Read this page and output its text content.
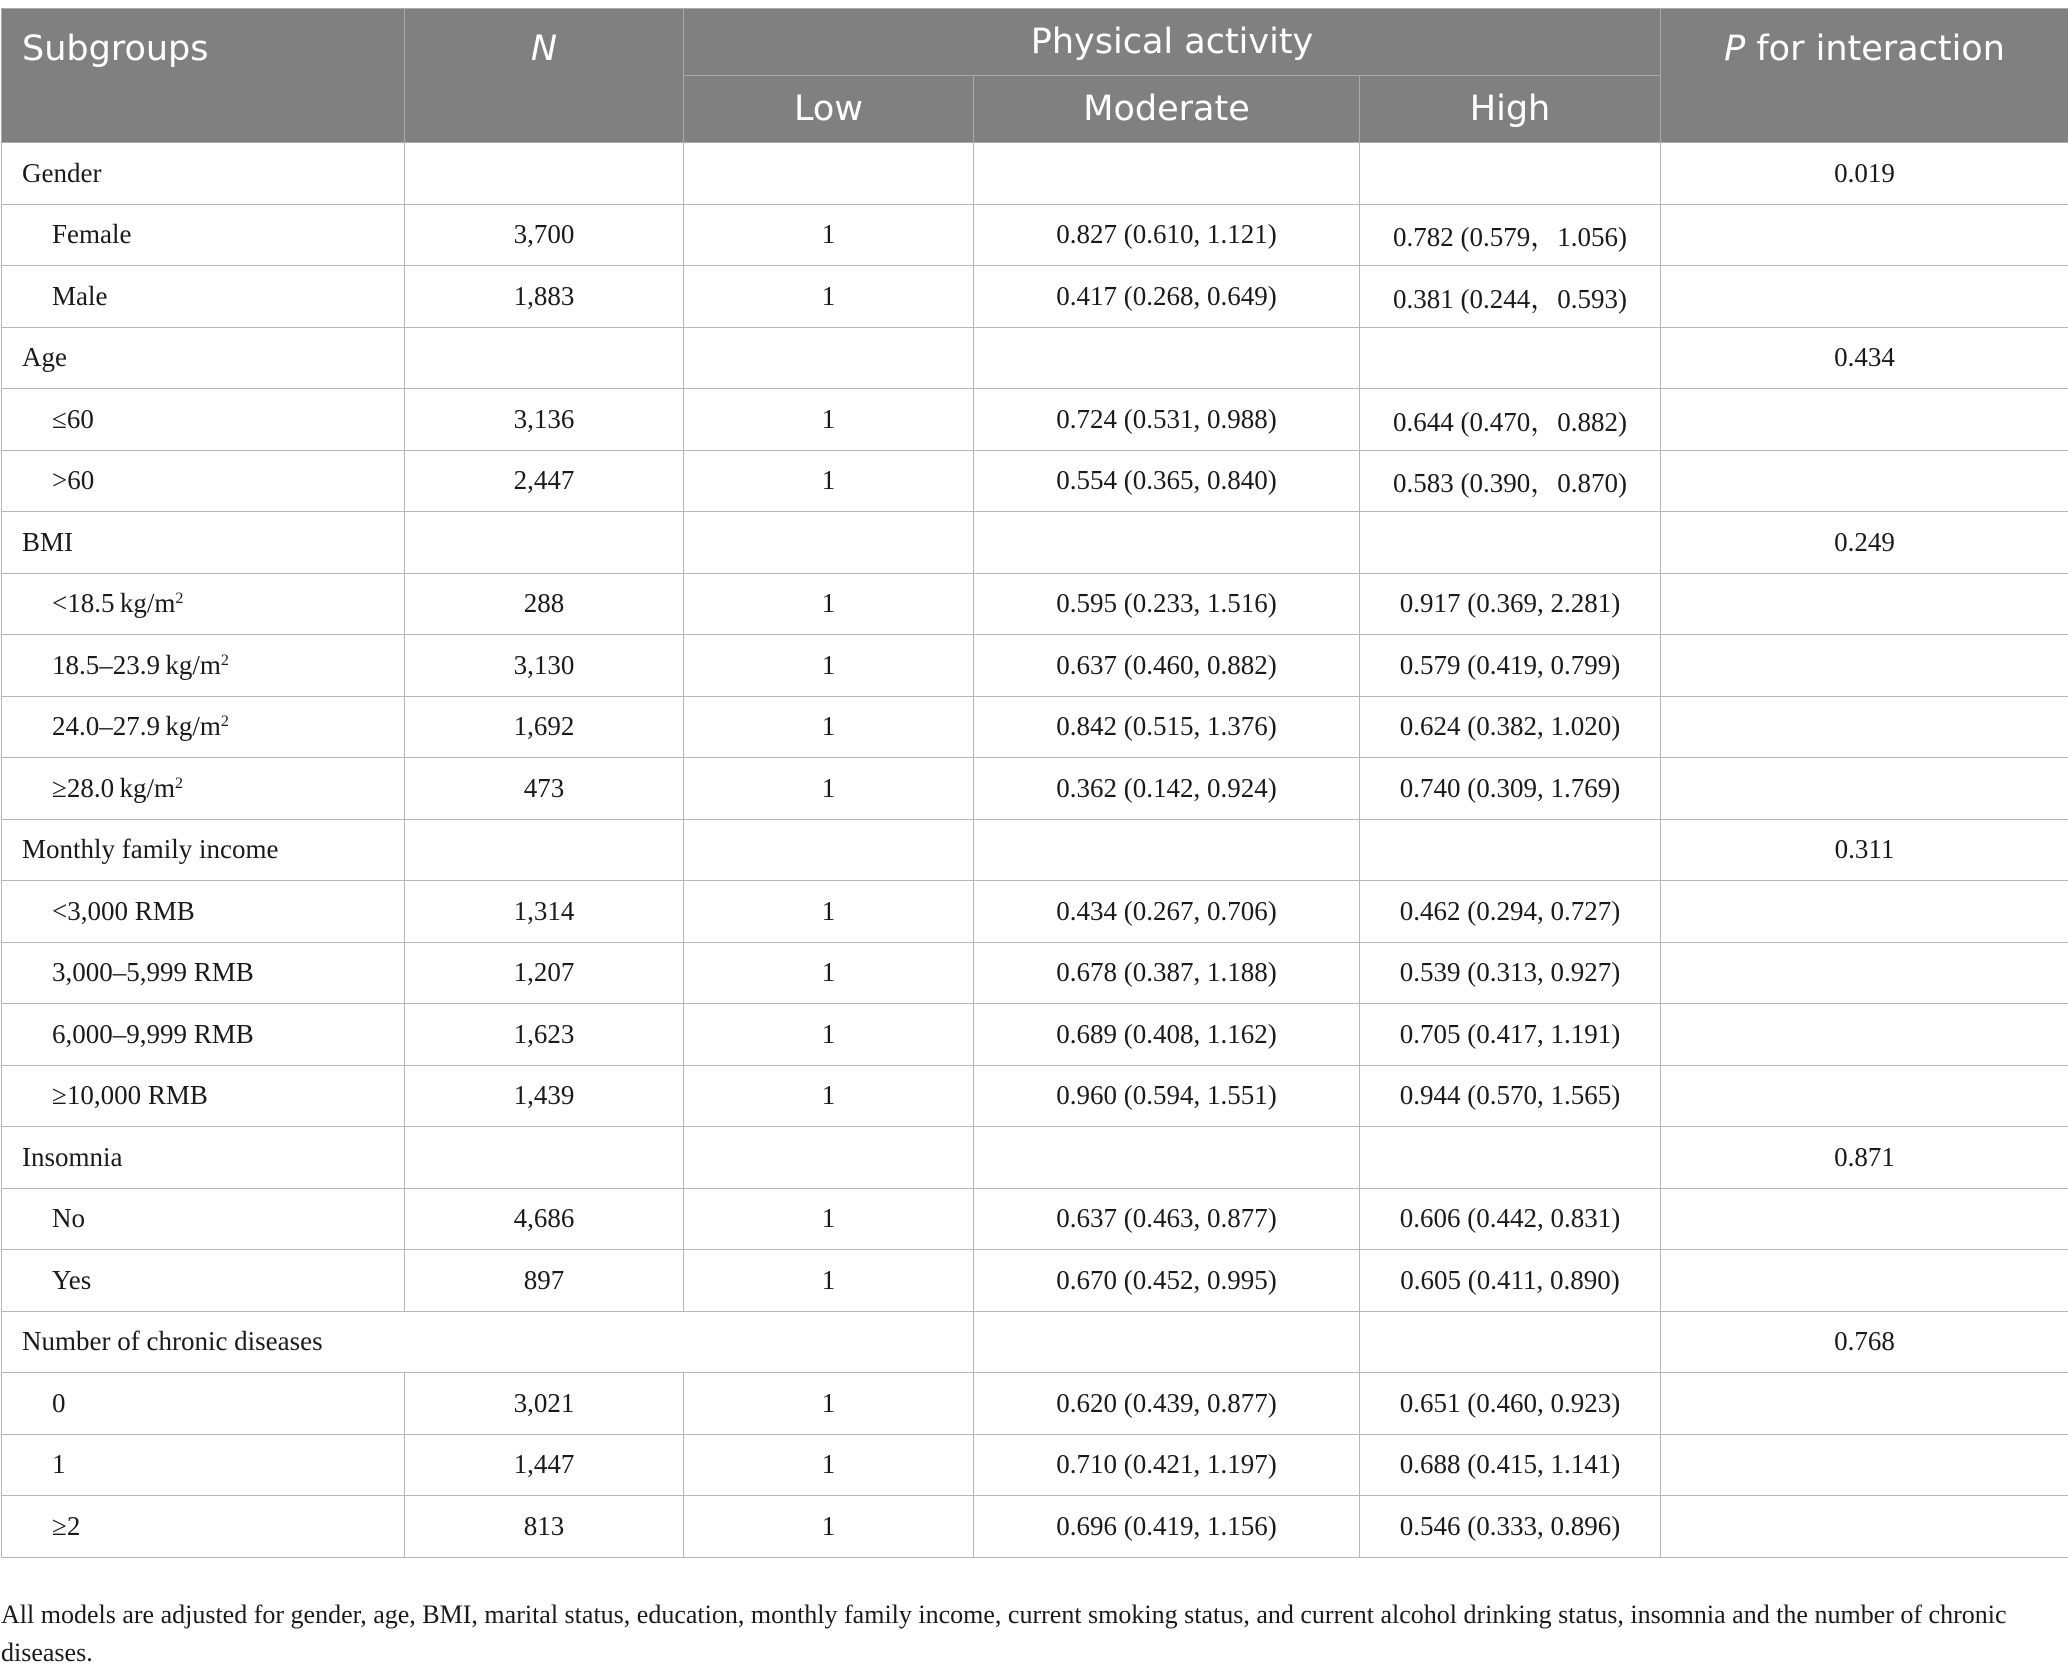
Subgroups	N	Physical activity			P for interaction
		Low	Moderate	High	
Gender					0.019
Female	3,700	1	0.827 (0.610, 1.121)	0.782 (0.579，1.056)	
Male	1,883	1	0.417 (0.268, 0.649)	0.381 (0.244，0.593)	
Age					0.434
≤60	3,136	1	0.724 (0.531, 0.988)	0.644 (0.470，0.882)	
>60	2,447	1	0.554 (0.365, 0.840)	0.583 (0.390，0.870)	
BMI					0.249
<18.5 $kg/m^2$	288	1	0.595 (0.233, 1.516)	0.917 (0.369, 2.281)	
18.5–23.9 $kg/m^2$	3,130	1	0.637 (0.460, 0.882)	0.579 (0.419, 0.799)	
24.0–27.9 $kg/m^2$	1,692	1	0.842 (0.515, 1.376)	0.624 (0.382, 1.020)	
≥28.0 $kg/m^2$	473	1	0.362 (0.142, 0.924)	0.740 (0.309, 1.769)	
Monthly family income					0.311
<3,000 RMB	1,314	1	0.434 (0.267, 0.706)	0.462 (0.294, 0.727)	
3,000–5,999 RMB	1,207	1	0.678 (0.387, 1.188)	0.539 (0.313, 0.927)	
6,000–9,999 RMB	1,623	1	0.689 (0.408, 1.162)	0.705 (0.417, 1.191)	
≥10,000 RMB	1,439	1	0.960 (0.594, 1.551)	0.944 (0.570, 1.565)	
Insomnia					0.871
No	4,686	1	0.637 (0.463, 0.877)	0.606 (0.442, 0.831)	
Yes	897	1	0.670 (0.452, 0.995)	0.605 (0.411, 0.890)	
Number of chronic diseases					0.768
0	3,021	1	0.620 (0.439, 0.877)	0.651 (0.460, 0.923)	
1	1,447	1	0.710 (0.421, 1.197)	0.688 (0.415, 1.141)	
≥2	813	1	0.696 (0.419, 1.156)	0.546 (0.333, 0.896)	
All models are adjusted for gender, age, BMI, marital status, education, monthly family income, current smoking status, and current alcohol drinking status, insomnia and the number of chronic diseases.
